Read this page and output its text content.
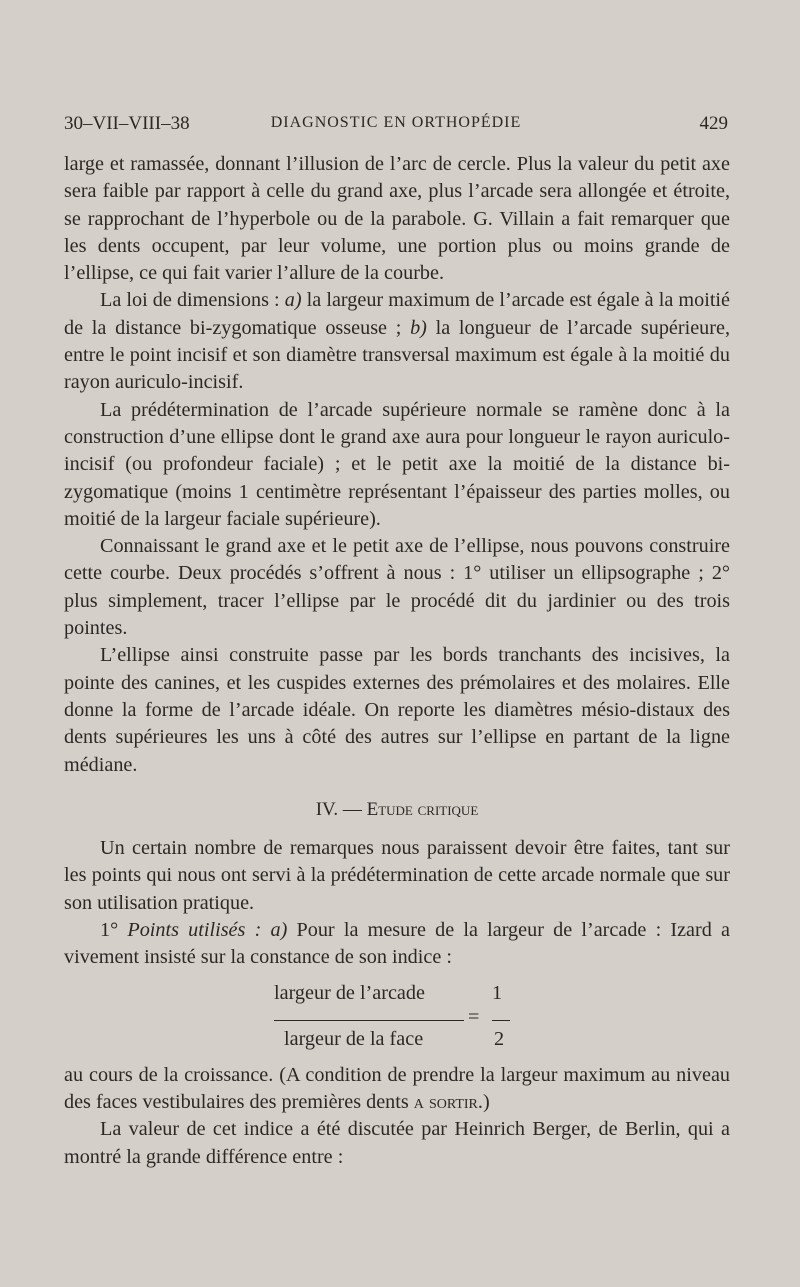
30–VII–VIII–38	DIAGNOSTIC EN ORTHOPÉDIE	429

large et ramassée, donnant l’illusion de l’arc de cercle. Plus la valeur du petit axe sera faible par rapport à celle du grand axe, plus l’arcade sera allongée et étroite, se rapprochant de l’hyperbole ou de la parabole. G. Villain a fait remarquer que les dents occupent, par leur volume, une portion plus ou moins grande de l’ellipse, ce qui fait varier l’allure de la courbe.

La loi de dimensions : a) la largeur maximum de l’arcade est égale à la moitié de la distance bi-zygomatique osseuse ; b) la longueur de l’arcade supérieure, entre le point incisif et son diamètre transversal maximum est égale à la moitié du rayon auriculo-incisif.

La prédétermination de l’arcade supérieure normale se ramène donc à la construction d’une ellipse dont le grand axe aura pour longueur le rayon auriculo-incisif (ou profondeur faciale) ; et le petit axe la moitié de la distance bi-zygomatique (moins 1 centimètre représentant l’épaisseur des parties molles, ou moitié de la largeur faciale supérieure).

Connaissant le grand axe et le petit axe de l’ellipse, nous pouvons construire cette courbe. Deux procédés s’offrent à nous : 1° utiliser un ellipsographe ; 2° plus simplement, tracer l’ellipse par le procédé dit du jardinier ou des trois pointes.

L’ellipse ainsi construite passe par les bords tranchants des incisives, la pointe des canines, et les cuspides externes des prémolaires et des molaires. Elle donne la forme de l’arcade idéale. On reporte les diamètres mésio-distaux des dents supérieures les uns à côté des autres sur l’ellipse en partant de la ligne médiane.

IV. — Etude critique

Un certain nombre de remarques nous paraissent devoir être faites, tant sur les points qui nous ont servi à la prédétermination de cette arcade normale que sur son utilisation pratique.

1° Points utilisés : a) Pour la mesure de la largeur de l’arcade : Izard a vivement insisté sur la constance de son indice :

largeur de l’arcade	1
=
largeur de la face	2

au cours de la croissance. (A condition de prendre la largeur maximum au niveau des faces vestibulaires des premières dents a sortir.)

La valeur de cet indice a été discutée par Heinrich Berger, de Berlin, qui a montré la grande différence entre :
